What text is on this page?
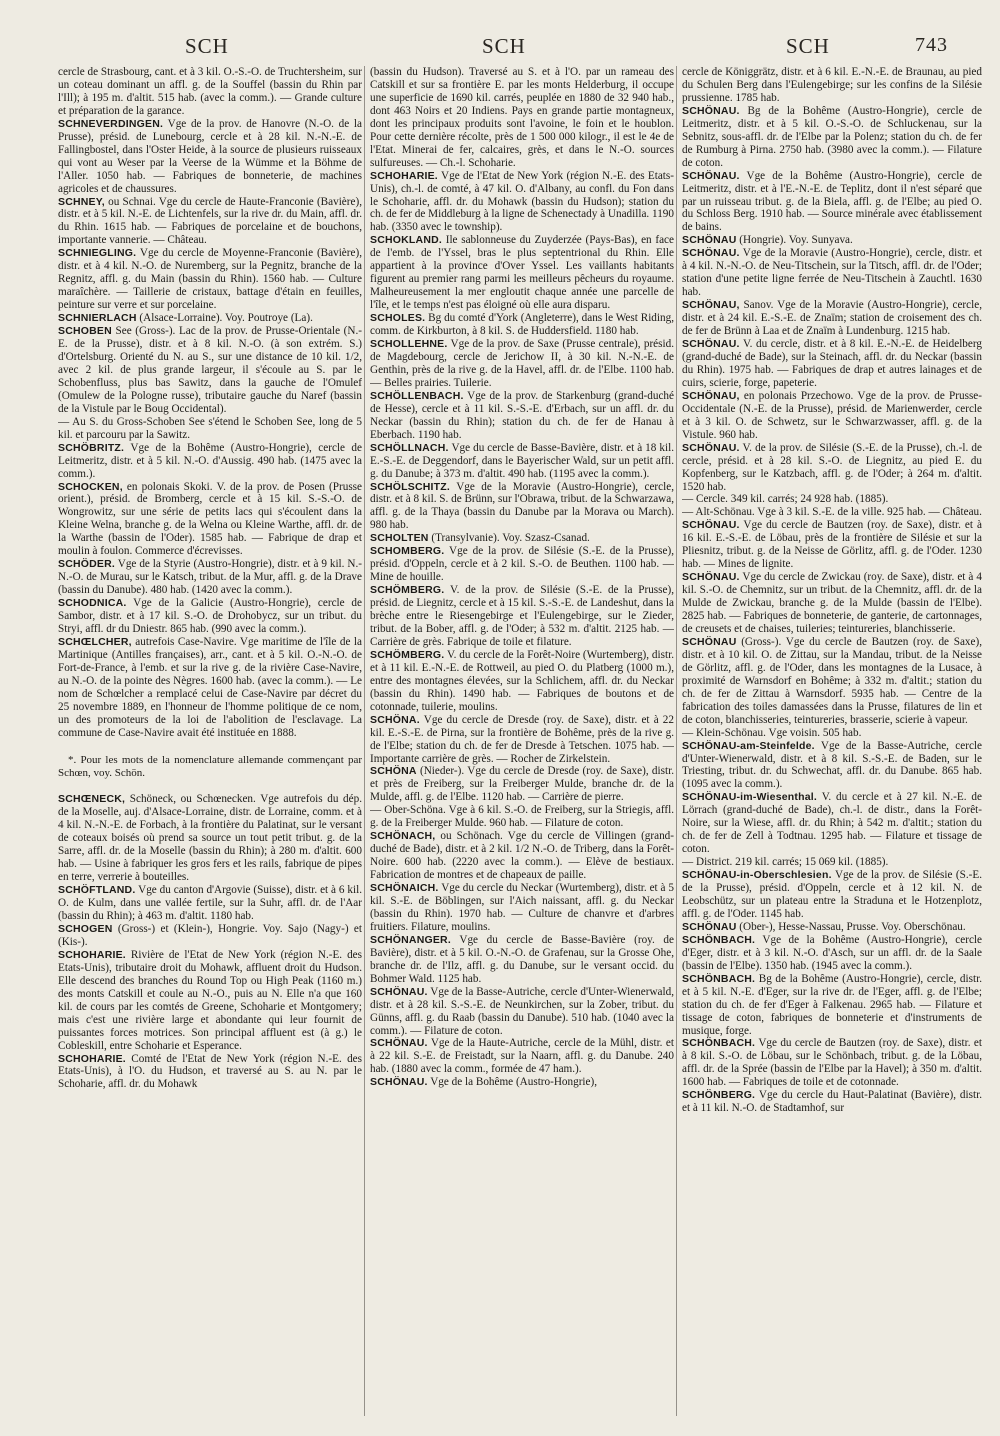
SCH	SCH	SCH	743

cercle de Strasbourg, cant. et à 3 kil. O.-S.-O. de Truchtersheim, sur un coteau dominant un affl. g. de la Souffel (bassin du Rhin par l'Ill); à 195 m. d'altit. 515 hab. (avec la comm.). — Grande culture et préparation de la garance.

SCHNEVERDINGEN. Vge de la prov. de Hanovre (N.-O. de la Prusse), présid. de Lunebourg, cercle et à 28 kil. N.-N.-E. de Fallingbostel, dans l'Oster Heide, à la source de plusieurs ruisseaux qui vont au Weser par la Veerse de la Wümme et la Böhme de l'Aller. 1050 hab. — Fabriques de bonneterie, de machines agricoles et de chaussures.

SCHNEY, ou Schnai. Vge du cercle de Haute-Franconie (Bavière), distr. et à 5 kil. N.-E. de Lichtenfels, sur la rive dr. du Main, affl. dr. du Rhin. 1615 hab. — Fabriques de porcelaine et de bouchons, importante vannerie. — Château.

SCHNIEGLING. Vge du cercle de Moyenne-Franconie (Bavière), distr. et à 4 kil. N.-O. de Nuremberg, sur la Pegnitz, branche de la Regnitz, affl. g. du Main (bassin du Rhin). 1560 hab. — Culture maraîchère. — Taillerie de cristaux, battage d'étain en feuilles, peinture sur verre et sur porcelaine.

SCHNIERLACH (Alsace-Lorraine). Voy. Poutroye (La).

SCHOBEN See (Gross-). Lac de la prov. de Prusse-Orientale (N.-E. de la Prusse), distr. et à 8 kil. N.-O. (à son extrém. S.) d'Ortelsburg. Orienté du N. au S., sur une distance de 10 kil. 1/2, avec 2 kil. de plus grande largeur, il s'écoule au S. par le Schobenfluss, plus bas Sawitz, dans la gauche de l'Omulef (Omulew de la Pologne russe), tributaire gauche du Naref (bassin de la Vistule par le Boug Occidental).

— Au S. du Gross-Schoben See s'étend le Schoben See, long de 5 kil. et parcouru par la Sawitz.

SCHÖBRITZ. Vge de la Bohême (Austro-Hongrie), cercle de Leitmeritz, distr. et à 5 kil. N.-O. d'Aussig. 490 hab. (1475 avec la comm.).

SCHOCKEN, en polonais Skoki. V. de la prov. de Posen (Prusse orient.), présid. de Bromberg, cercle et à 15 kil. S.-S.-O. de Wongrowitz, sur une série de petits lacs qui s'écoulent dans la Kleine Welna, branche g. de la Welna ou Kleine Warthe, affl. dr. de la Warthe (bassin de l'Oder). 1585 hab. — Fabrique de drap et moulin à foulon. Commerce d'écrevisses.

SCHÖDER. Vge de la Styrie (Austro-Hongrie), distr. et à 9 kil. N.-N.-O. de Murau, sur le Katsch, tribut. de la Mur, affl. g. de la Drave (bassin du Danube). 480 hab. (1420 avec la comm.).

SCHODNICA. Vge de la Galicie (Austro-Hongrie), cercle de Sambor, distr. et à 17 kil. S.-O. de Drohobycz, sur un tribut. du Stryi, affl. dr du Dniestr. 865 hab. (990 avec la comm.).

SCHŒLCHER, autrefois Case-Navire. Vge maritime de l'île de la Martinique (Antilles françaises), arr., cant. et à 5 kil. O.-N.-O. de Fort-de-France, à l'emb. et sur la rive g. de la rivière Case-Navire, au N.-O. de la pointe des Nègres. 1600 hab. (avec la comm.). — Le nom de Schœlcher a remplacé celui de Case-Navire par décret du 25 novembre 1889, en l'honneur de l'homme politique de ce nom, un des promoteurs de la loi de l'abolition de l'esclavage. La commune de Case-Navire avait été instituée en 1888.

*. Pour les mots de la nomenclature allemande commençant par Schœn, voy. Schön.

SCHŒNECK, Schöneck, ou Schœnecken. Vge autrefois du dép. de la Moselle, auj. d'Alsace-Lorraine, distr. de Lorraine, comm. et à 4 kil. N.-N.-E. de Forbach, à la frontière du Palatinat, sur le versant de coteaux boisés où prend sa source un tout petit tribut. g. de la Sarre, affl. dr. de la Moselle (bassin du Rhin); à 280 m. d'altit. 600 hab. — Usine à fabriquer les gros fers et les rails, fabrique de pipes en terre, verrerie à bouteilles.

SCHÖFTLAND. Vge du canton d'Argovie (Suisse), distr. et à 6 kil. O. de Kulm, dans une vallée fertile, sur la Suhr, affl. dr. de l'Aar (bassin du Rhin); à 463 m. d'altit. 1180 hab.

SCHOGEN (Gross-) et (Klein-), Hongrie. Voy. Sajo (Nagy-) et (Kis-).

SCHOHARIE. Rivière de l'Etat de New York (région N.-E. des Etats-Unis), tributaire droit du Mohawk, affluent droit du Hudson. Elle descend des branches du Round Top ou High Peak (1160 m.) des monts Catskill et coule au N.-O., puis au N. Elle n'a que 160 kil. de cours par les comtés de Greene, Schoharie et Montgomery; mais c'est une rivière large et abondante qui leur fournit de puissantes forces motrices. Son principal affluent est (à g.) le Cobleskill, entre Schoharie et Esperance.

SCHOHARIE. Comté de l'Etat de New York (région N.-E. des Etats-Unis), à l'O. du Hudson, et traversé au S. au N. par le Schoharie, affl. dr. du Mohawk

(bassin du Hudson). Traversé au S. et à l'O. par un rameau des Catskill et sur sa frontière E. par les monts Helderburg, il occupe une superficie de 1690 kil. carrés, peuplée en 1880 de 32 940 hab., dont 463 Noirs et 20 Indiens. Pays en grande partie montagneux, dont les principaux produits sont l'avoine, le foin et le houblon. Pour cette dernière récolte, près de 1 500 000 kilogr., il est le 4e de l'Etat. Minerai de fer, calcaires, grès, et dans le N.-O. sources sulfureuses. — Ch.-l. Schoharie.

SCHOHARIE. Vge de l'Etat de New York (région N.-E. des Etats-Unis), ch.-l. de comté, à 47 kil. O. d'Albany, au confl. du Fon dans le Schoharie, affl. dr. du Mohawk (bassin du Hudson); station du ch. de fer de Middleburg à la ligne de Schenectady à Unadilla. 1190 hab. (3350 avec le township).

SCHOKLAND. Ile sablonneuse du Zuyderzée (Pays-Bas), en face de l'emb. de l'Yssel, bras le plus septentrional du Rhin. Elle appartient à la province d'Over Yssel. Les vaillants habitants figurent au premier rang parmi les meilleurs pêcheurs du royaume. Malheureusement la mer engloutit chaque année une parcelle de l'île, et le temps n'est pas éloigné où elle aura disparu.

SCHOLES. Bg du comté d'York (Angleterre), dans le West Riding, comm. de Kirkburton, à 8 kil. S. de Huddersfield. 1180 hab.

SCHOLLEHNE. Vge de la prov. de Saxe (Prusse centrale), présid. de Magdebourg, cercle de Jerichow II, à 30 kil. N.-N.-E. de Genthin, près de la rive g. de la Havel, affl. dr. de l'Elbe. 1100 hab. — Belles prairies. Tuilerie.

SCHÖLLENBACH. Vge de la prov. de Starkenburg (grand-duché de Hesse), cercle et à 11 kil. S.-S.-E. d'Erbach, sur un affl. dr. du Neckar (bassin du Rhin); station du ch. de fer de Hanau à Eberbach. 1190 hab.

SCHÖLLNACH. Vge du cercle de Basse-Bavière, distr. et à 18 kil. E.-S.-E. de Deggendorf, dans le Bayerischer Wald, sur un petit affl. g. du Danube; à 373 m. d'altit. 490 hab. (1195 avec la comm.).

SCHÖLSCHITZ. Vge de la Moravie (Austro-Hongrie), cercle, distr. et à 8 kil. S. de Brünn, sur l'Obrawa, tribut. de la Schwarzawa, affl. g. de la Thaya (bassin du Danube par la Morava ou March). 980 hab.

SCHOLTEN (Transylvanie). Voy. Szasz-Csanad.

SCHOMBERG. Vge de la prov. de Silésie (S.-E. de la Prusse), présid. d'Oppeln, cercle et à 2 kil. S.-O. de Beuthen. 1100 hab. — Mine de houille.

SCHÖMBERG. V. de la prov. de Silésie (S.-E. de la Prusse), présid. de Liegnitz, cercle et à 15 kil. S.-S.-E. de Landeshut, dans la brèche entre le Riesengebirge et l'Eulengebirge, sur le Zieder, tribut. de la Bober, affl. g. de l'Oder; à 532 m. d'altit. 2125 hab. — Carrière de grès. Fabrique de toile et filature.

SCHÖMBERG. V. du cercle de la Forêt-Noire (Wurtemberg), distr. et à 11 kil. E.-N.-E. de Rottweil, au pied O. du Platberg (1000 m.), entre des montagnes élevées, sur la Schlichem, affl. dr. du Neckar (bassin du Rhin). 1490 hab. — Fabriques de boutons et de cotonnade, tuilerie, moulins.

SCHÖNA. Vge du cercle de Dresde (roy. de Saxe), distr. et à 22 kil. E.-S.-E. de Pirna, sur la frontière de Bohême, près de la rive g. de l'Elbe; station du ch. de fer de Dresde à Tetschen. 1075 hab. — Importante carrière de grès. — Rocher de Zirkelstein.

SCHÖNA (Nieder-). Vge du cercle de Dresde (roy. de Saxe), distr. et près de Freiberg, sur la Freiberger Mulde, branche dr. de la Mulde, affl. g. de l'Elbe. 1120 hab. — Carrière de pierre.

— Ober-Schöna. Vge à 6 kil. S.-O. de Freiberg, sur la Striegis, affl. g. de la Freiberger Mulde. 960 hab. — Filature de coton.

SCHÖNACH, ou Schönach. Vge du cercle de Villingen (grand-duché de Bade), distr. et à 2 kil. 1/2 N.-O. de Triberg, dans la Forêt-Noire. 600 hab. (2220 avec la comm.). — Elève de bestiaux. Fabrication de montres et de chapeaux de paille.

SCHÖNAICH. Vge du cercle du Neckar (Wurtemberg), distr. et à 5 kil. S.-E. de Böblingen, sur l'Aich naissant, affl. g. du Neckar (bassin du Rhin). 1970 hab. — Culture de chanvre et d'arbres fruitiers. Filature, moulins.

SCHÖNANGER. Vge du cercle de Basse-Bavière (roy. de Bavière), distr. et à 5 kil. O.-N.-O. de Grafenau, sur la Grosse Ohe, branche dr. de l'Ilz, affl. g. du Danube, sur le versant occid. du Bohmer Wald. 1125 hab.

SCHÖNAU. Vge de la Basse-Autriche, cercle d'Unter-Wienerwald, distr. et à 28 kil. S.-S.-E. de Neunkirchen, sur la Zober, tribut. du Günns, affl. g. du Raab (bassin du Danube). 510 hab. (1040 avec la comm.). — Filature de coton.

SCHÖNAU. Vge de la Haute-Autriche, cercle de la Mühl, distr. et à 22 kil. S.-E. de Freistadt, sur la Naarn, affl. g. du Danube. 240 hab. (1880 avec la comm., formée de 47 ham.).

SCHÖNAU. Vge de la Bohême (Austro-Hongrie),

cercle de Königgrätz, distr. et à 6 kil. E.-N.-E. de Braunau, au pied du Schulen Berg dans l'Eulengebirge; sur les confins de la Silésie prussienne. 1785 hab.

SCHÖNAU. Bg de la Bohême (Austro-Hongrie), cercle de Leitmeritz, distr. et à 5 kil. O.-S.-O. de Schluckenau, sur la Sebnitz, sous-affl. dr. de l'Elbe par la Polenz; station du ch. de fer de Rumburg à Pirna. 2750 hab. (3980 avec la comm.). — Filature de coton.

SCHÖNAU. Vge de la Bohême (Austro-Hongrie), cercle de Leitmeritz, distr. et à l'E.-N.-E. de Teplitz, dont il n'est séparé que par un ruisseau tribut. g. de la Biela, affl. g. de l'Elbe; au pied O. du Schloss Berg. 1910 hab. — Source minérale avec établissement de bains.

SCHÖNAU (Hongrie). Voy. Sunyava.

SCHÖNAU. Vge de la Moravie (Austro-Hongrie), cercle, distr. et à 4 kil. N.-N.-O. de Neu-Titschein, sur la Titsch, affl. dr. de l'Oder; station d'une petite ligne ferrée de Neu-Titschein à Zauchtl. 1630 hab.

SCHÖNAU, Sanov. Vge de la Moravie (Austro-Hongrie), cercle, distr. et à 24 kil. E.-S.-E. de Znaïm; station de croisement des ch. de fer de Brünn à Laa et de Znaïm à Lundenburg. 1215 hab.

SCHÖNAU. V. du cercle, distr. et à 8 kil. E.-N.-E. de Heidelberg (grand-duché de Bade), sur la Steinach, affl. dr. du Neckar (bassin du Rhin). 1975 hab. — Fabriques de drap et autres lainages et de cuirs, scierie, forge, papeterie.

SCHÖNAU, en polonais Przechowo. Vge de la prov. de Prusse-Occidentale (N.-E. de la Prusse), présid. de Marienwerder, cercle et à 3 kil. O. de Schwetz, sur le Schwarzwasser, affl. g. de la Vistule. 960 hab.

SCHÖNAU. V. de la prov. de Silésie (S.-E. de la Prusse), ch.-l. de cercle, présid. et à 28 kil. S.-O. de Liegnitz, au pied E. du Kopfenberg, sur le Katzbach, affl. g. de l'Oder; à 264 m. d'altit. 1520 hab.

— Cercle. 349 kil. carrés; 24 928 hab. (1885).

— Alt-Schönau. Vge à 3 kil. S.-E. de la ville. 925 hab. — Château.

SCHÖNAU. Vge du cercle de Bautzen (roy. de Saxe), distr. et à 16 kil. E.-S.-E. de Löbau, près de la frontière de Silésie et sur la Pliesnitz, tribut. g. de la Neisse de Görlitz, affl. g. de l'Oder. 1230 hab. — Mines de lignite.

SCHÖNAU. Vge du cercle de Zwickau (roy. de Saxe), distr. et à 4 kil. S.-O. de Chemnitz, sur un tribut. de la Chemnitz, affl. dr. de la Mulde de Zwickau, branche g. de la Mulde (bassin de l'Elbe). 2825 hab. — Fabriques de bonneterie, de ganterie, de cartonnages, de creusets et de chaises, tuileries; teintureries, blanchisserie.

SCHÖNAU (Gross-). Vge du cercle de Bautzen (roy. de Saxe), distr. et à 10 kil. O. de Zittau, sur la Mandau, tribut. de la Neisse de Görlitz, affl. g. de l'Oder, dans les montagnes de la Lusace, à proximité de Warnsdorf en Bohême; à 332 m. d'altit.; station du ch. de fer de Zittau à Warnsdorf. 5935 hab. — Centre de la fabrication des toiles damassées dans la Prusse, filatures de lin et de coton, blanchisseries, teintureries, brasserie, scierie à vapeur.

— Klein-Schönau. Vge voisin. 505 hab.

SCHÖNAU-am-Steinfelde. Vge de la Basse-Autriche, cercle d'Unter-Wienerwald, distr. et à 8 kil. S.-S.-E. de Baden, sur le Triesting, tribut. dr. du Schwechat, affl. dr. du Danube. 865 hab. (1095 avec la comm.).

SCHÖNAU-im-Wiesenthal. V. du cercle et à 27 kil. N.-E. de Lörrach (grand-duché de Bade), ch.-l. de distr., dans la Forêt-Noire, sur la Wiese, affl. dr. du Rhin; à 542 m. d'altit.; station du ch. de fer de Zell à Todtnau. 1295 hab. — Filature et tissage de coton.

— District. 219 kil. carrés; 15 069 kil. (1885).

SCHÖNAU-in-Oberschlesien. Vge de la prov. de Silésie (S.-E. de la Prusse), présid. d'Oppeln, cercle et à 12 kil. N. de Leobschütz, sur un plateau entre la Straduna et le Hotzenplotz, affl. g. de l'Oder. 1145 hab.

SCHÖNAU (Ober-), Hesse-Nassau, Prusse. Voy. Oberschönau.

SCHÖNBACH. Vge de la Bohême (Austro-Hongrie), cercle d'Eger, distr. et à 3 kil. N.-O. d'Asch, sur un affl. dr. de la Saale (bassin de l'Elbe). 1350 hab. (1945 avec la comm.).

SCHÖNBACH. Bg de la Bohême (Austro-Hongrie), cercle, distr. et à 5 kil. N.-E. d'Eger, sur la rive dr. de l'Eger, affl. g. de l'Elbe; station du ch. de fer d'Eger à Falkenau. 2965 hab. — Filature et tissage de coton, fabriques de bonneterie et d'instruments de musique, forge.

SCHÖNBACH. Vge du cercle de Bautzen (roy. de Saxe), distr. et à 8 kil. S.-O. de Löbau, sur le Schönbach, tribut. g. de la Löbau, affl. dr. de la Sprée (bassin de l'Elbe par la Havel); à 350 m. d'altit. 1600 hab. — Fabriques de toile et de cotonnade.

SCHÖNBERG. Vge du cercle du Haut-Palatinat (Bavière), distr. et à 11 kil. N.-O. de Stadtamhof, sur
